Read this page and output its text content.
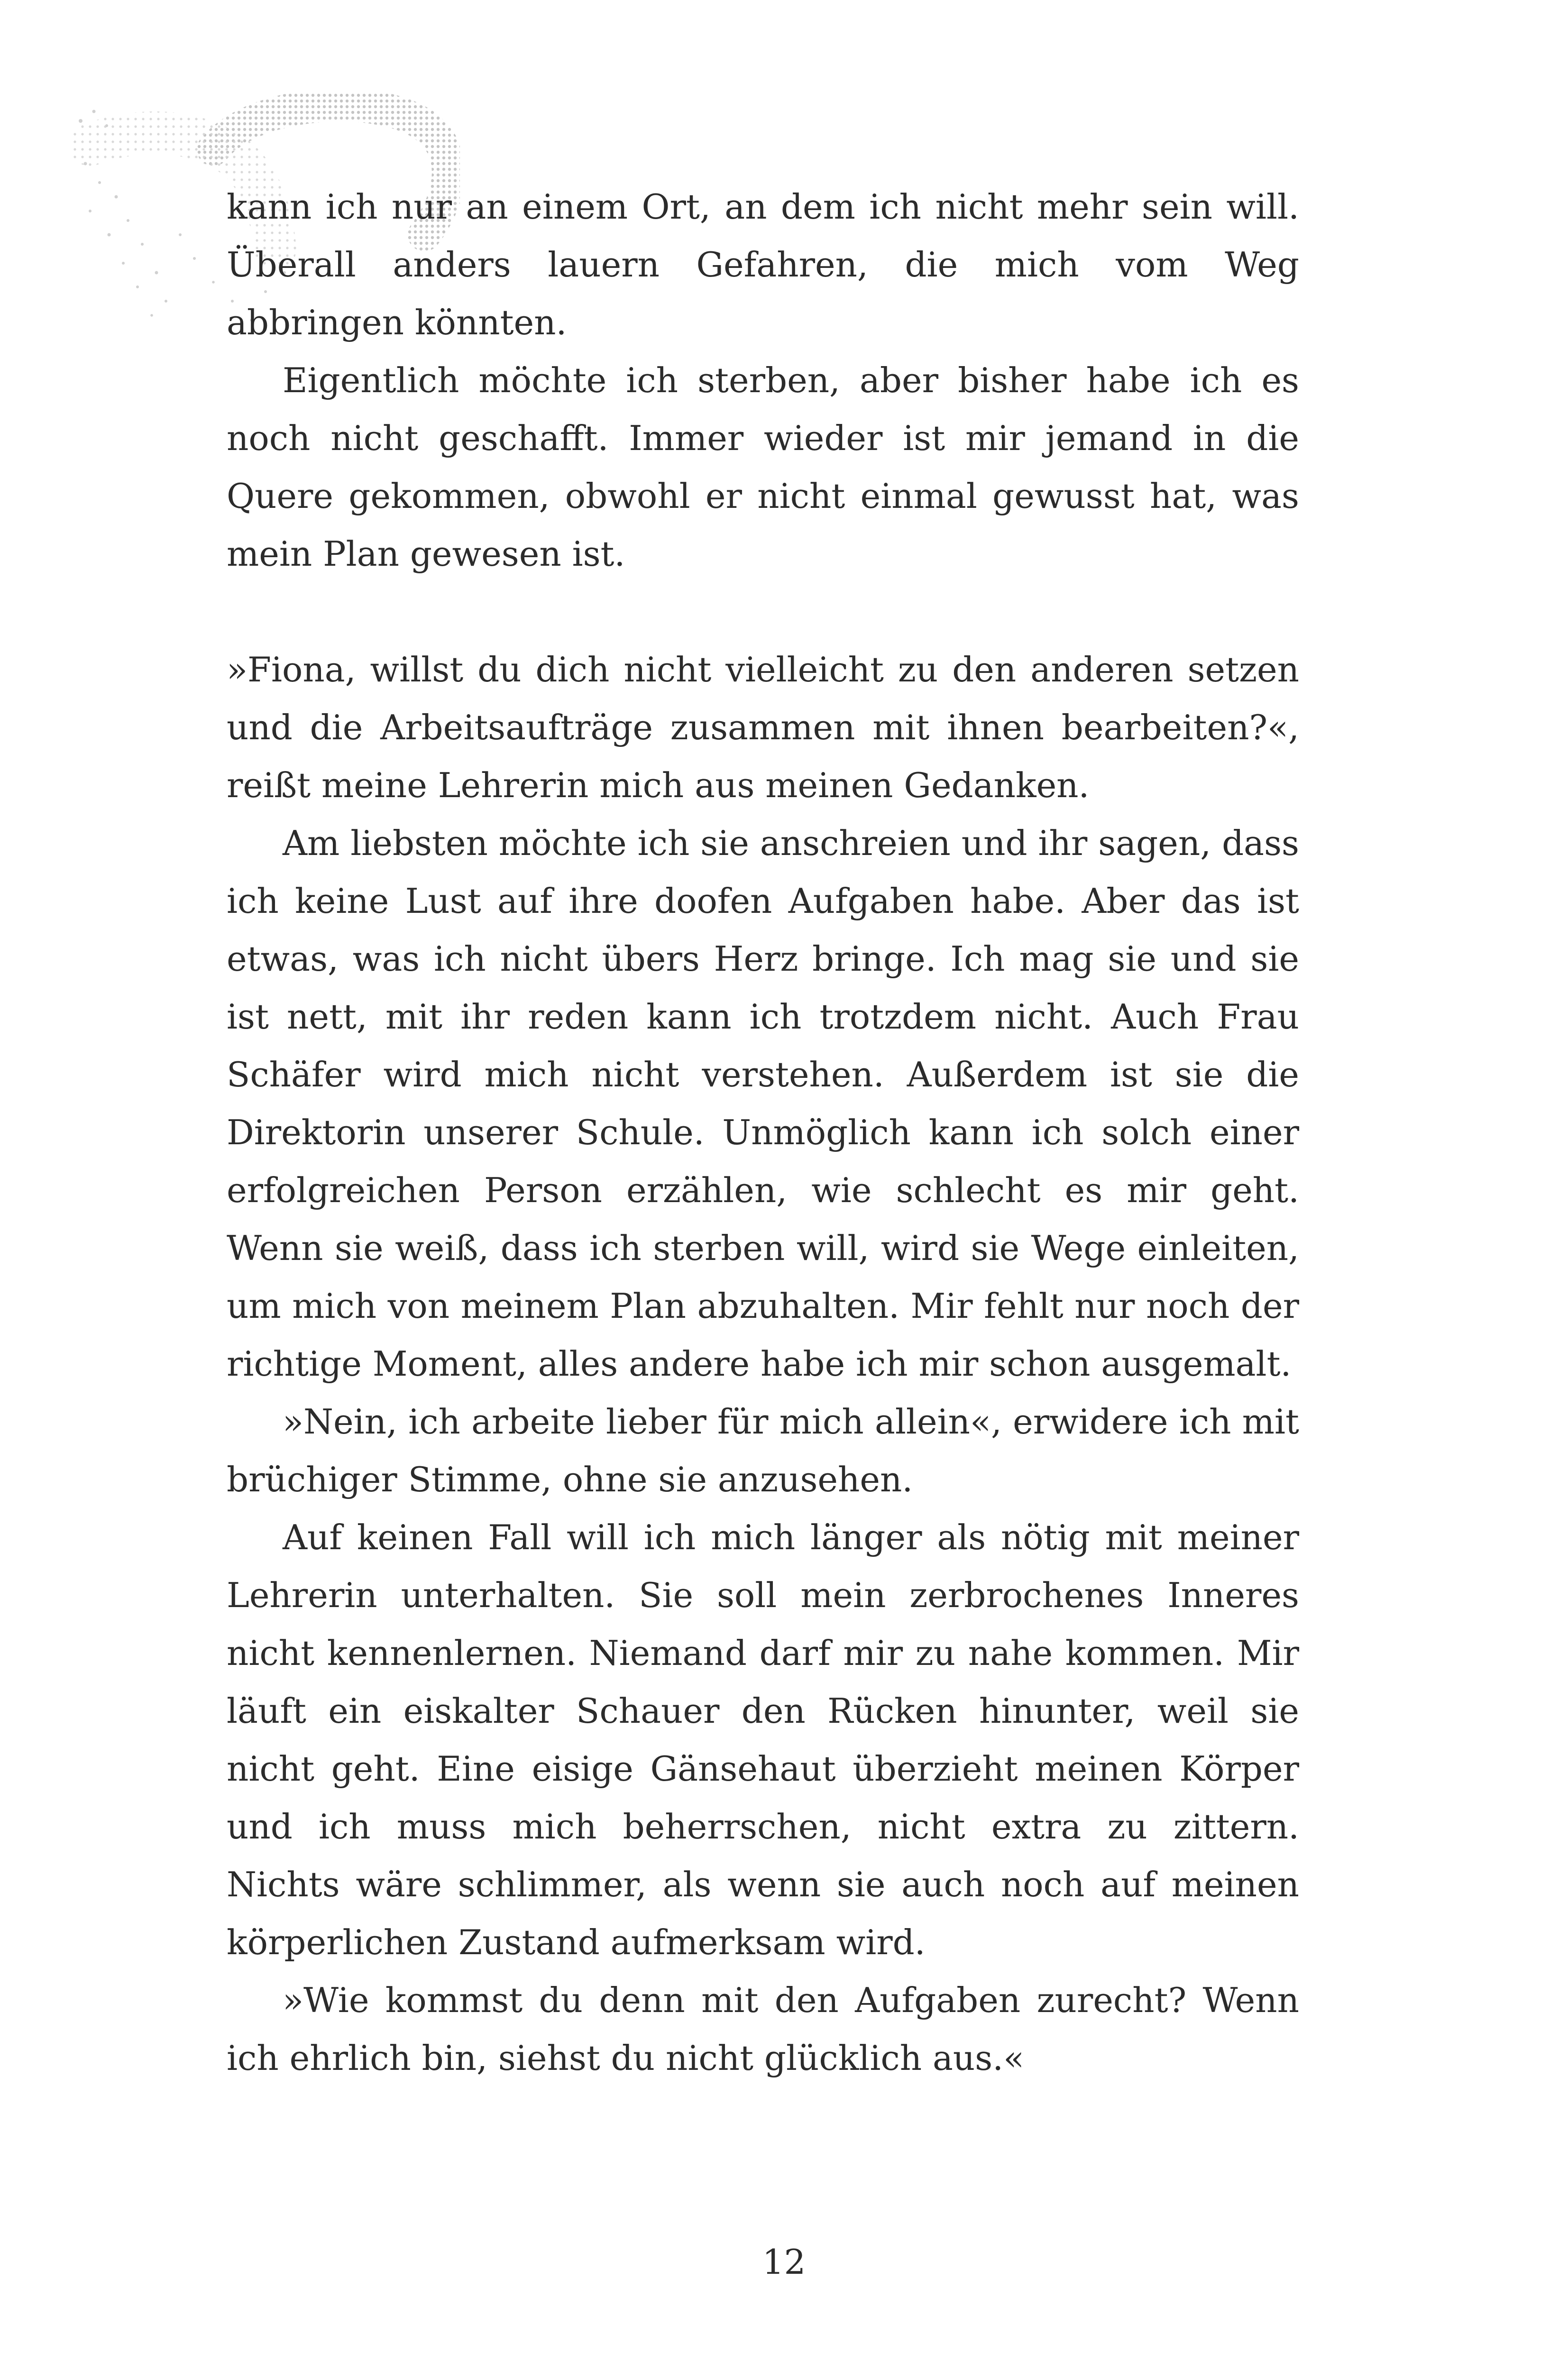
kann ich nur an einem Ort, an dem ich nicht mehr sein will. Überall anders lauern Gefahren, die mich vom Weg abbringen könnten.

Eigentlich möchte ich sterben, aber bisher habe ich es noch nicht geschafft. Immer wieder ist mir jemand in die Quere gekommen, obwohl er nicht einmal gewusst hat, was mein Plan gewesen ist.

»Fiona, willst du dich nicht vielleicht zu den anderen setzen und die Arbeitsaufträge zusammen mit ihnen bearbeiten?«, reißt meine Lehrerin mich aus meinen Gedanken.

Am liebsten möchte ich sie anschreien und ihr sagen, dass ich keine Lust auf ihre doofen Aufgaben habe. Aber das ist etwas, was ich nicht übers Herz bringe. Ich mag sie und sie ist nett, mit ihr reden kann ich trotzdem nicht. Auch Frau Schäfer wird mich nicht verstehen. Außerdem ist sie die Direktorin unserer Schule. Unmöglich kann ich solch einer erfolgreichen Person erzählen, wie schlecht es mir geht. Wenn sie weiß, dass ich sterben will, wird sie Wege einleiten, um mich von meinem Plan abzuhalten. Mir fehlt nur noch der richtige Moment, alles andere habe ich mir schon ausgemalt.

»Nein, ich arbeite lieber für mich allein«, erwidere ich mit brüchiger Stimme, ohne sie anzusehen.

Auf keinen Fall will ich mich länger als nötig mit meiner Lehrerin unterhalten. Sie soll mein zerbrochenes Inneres nicht kennenlernen. Niemand darf mir zu nahe kommen. Mir läuft ein eiskalter Schauer den Rücken hinunter, weil sie nicht geht. Eine eisige Gänsehaut überzieht meinen Körper und ich muss mich beherrschen, nicht extra zu zittern. Nichts wäre schlimmer, als wenn sie auch noch auf meinen körperlichen Zustand aufmerksam wird.

»Wie kommst du denn mit den Aufgaben zurecht? Wenn ich ehrlich bin, siehst du nicht glücklich aus.«

12
